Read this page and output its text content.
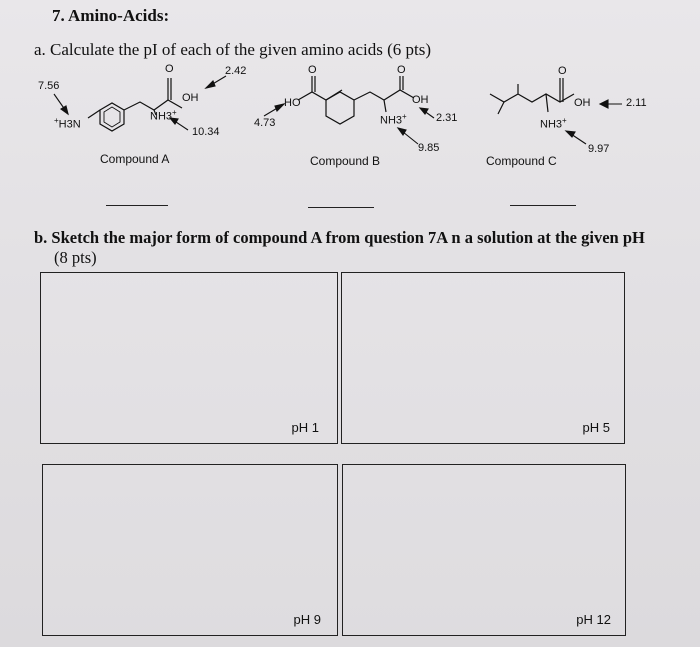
7. Amino-Acids:
a. Calculate the pI of each of the given amino acids (6 pts)
b. Sketch the major form of compound A from question 7A n a solution at the given pH
(8 pts)
2.42
7.56
10.34
O
OH
NH3+
+H3N
Compound A
4.73	2.31
9.85
O
HO
O
OH
NH3+
Compound B
2.11
9.97
O
OH
NH3+
Compound C
pH 1	pH 5
pH 9	pH 12
